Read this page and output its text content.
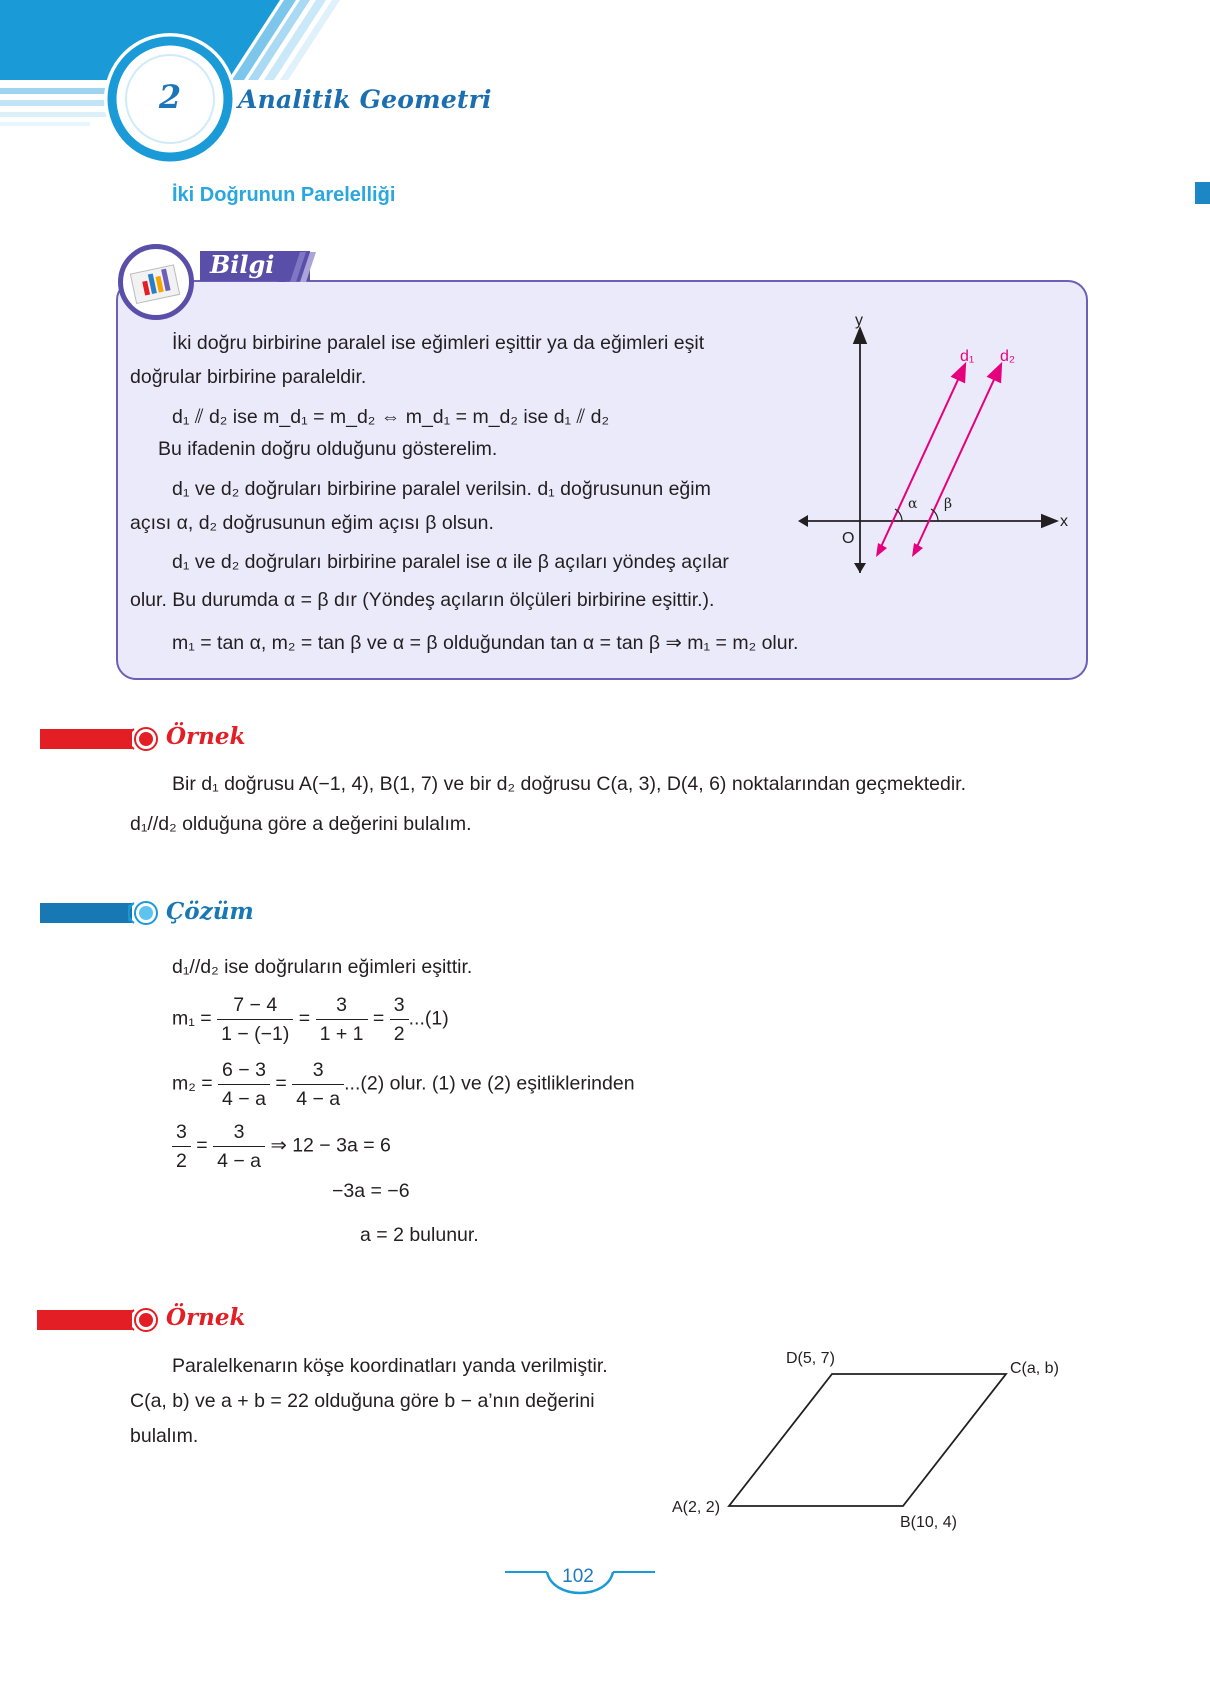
2	Analitik Geometri
İki Doğrunun Parelelliği
Bilgi
İki doğru birbirine paralel ise eğimleri eşittir ya da eğimleri eşit
doğrular birbirine paraleldir.
d₁ ⫽ d₂ ise m_d₁ = m_d₂ ⇔ m_d₁ = m_d₂ ise d₁ ⫽ d₂
Bu ifadenin doğru olduğunu gösterelim.
d₁ ve d₂ doğruları birbirine paralel verilsin. d₁ doğrusunun eğim
açısı α, d₂ doğrusunun eğim açısı β olsun.
d₁ ve d₂ doğruları birbirine paralel ise α ile β açıları yöndeş açılar
olur. Bu durumda α = β dır (Yöndeş açıların ölçüleri birbirine eşittir.).
m₁ = tan α, m₂ = tan β ve α = β olduğundan tan α = tan β ⇒ m₁ = m₂ olur.
y
x
O
d₁ d₂
α β
Örnek
Bir d₁ doğrusu A(−1, 4), B(1, 7) ve bir d₂ doğrusu C(a, 3), D(4, 6) noktalarından geçmektedir.
d₁//d₂ olduğuna göre a değerini bulalım.
Çözüm
d₁//d₂ ise doğruların eğimleri eşittir.
$m_1 = \frac{7 - 4}{1 - (-1)} = \frac{3}{1 + 1} = \frac{3}{2} ...(1)$
$m_2 = \frac{6 - 3}{4 - a} = \frac{3}{4 - a} ...(2)$ olur. (1) ve (2) eşitliklerinden
$\frac{3}{2} = \frac{3}{4 - a}$ ⇒ 12 − 3a = 6
−3a = −6
a = 2 bulunur.
Örnek
Paralelkenarın köşe koordinatları yanda verilmiştir.
C(a, b) ve a + b = 22 olduğuna göre b − a’nın değerini
bulalım.
D(5, 7)
C(a, b)
A(2, 2)
B(10, 4)
102
